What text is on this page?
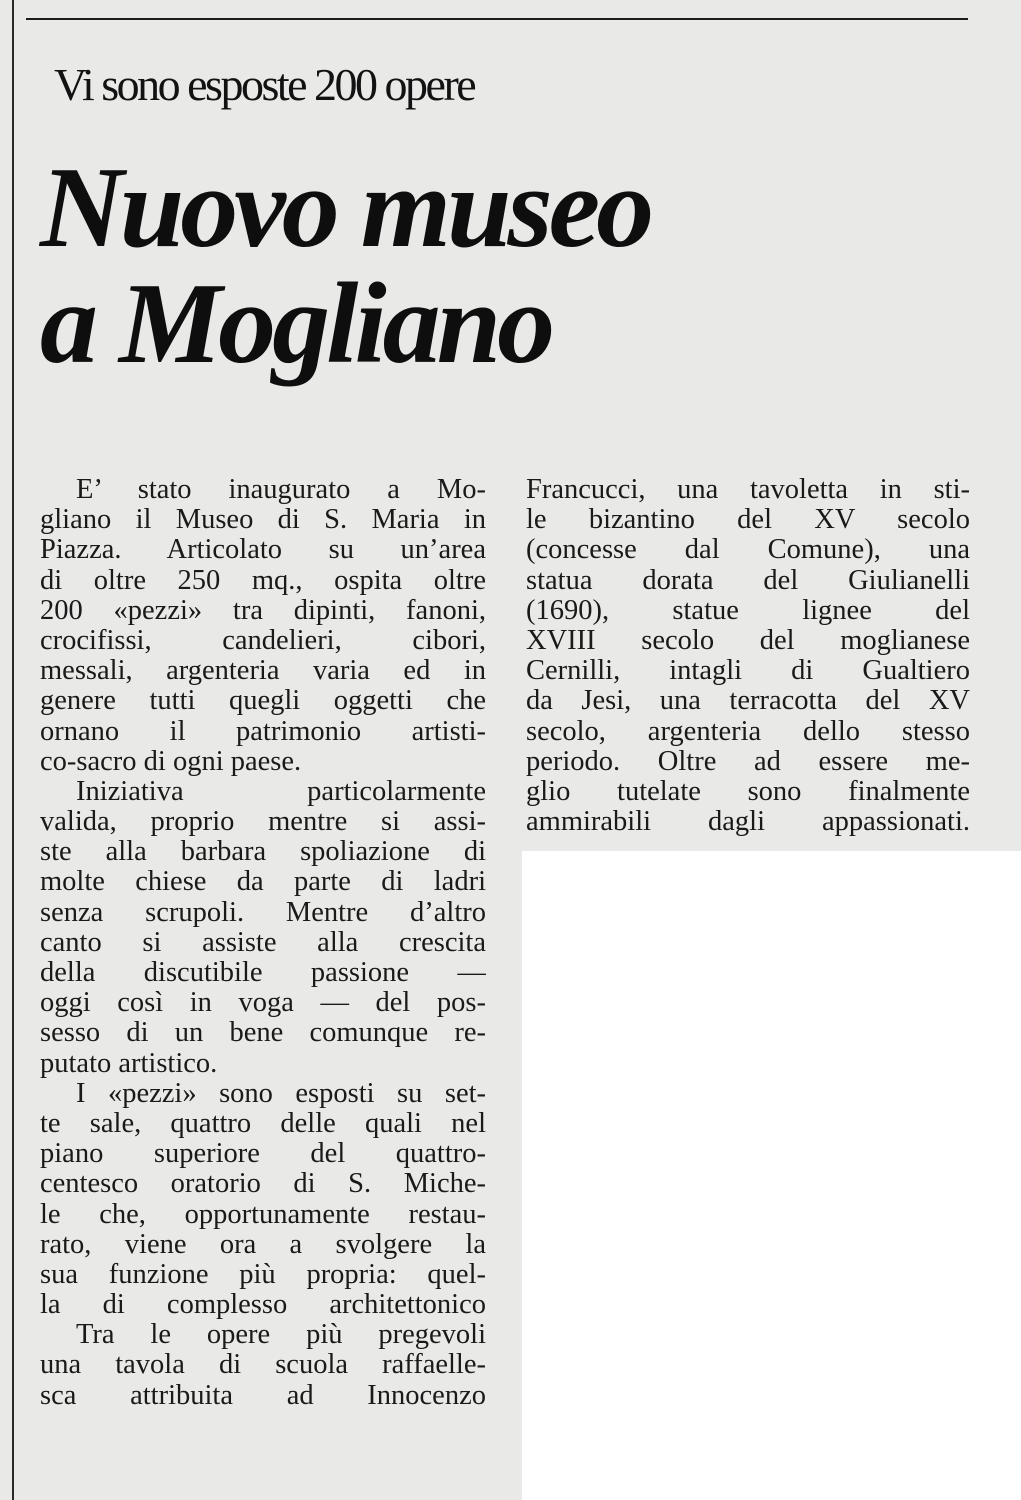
Vi sono esposte 200 opere
Nuovo museo
a Mogliano
E’ stato inaugurato a Mo-
gliano il Museo di S. Maria in
Piazza. Articolato su un’area
di oltre 250 mq., ospita oltre
200 «pezzi» tra dipinti, fanoni,
crocifissi, candelieri, cibori,
messali, argenteria varia ed in
genere tutti quegli oggetti che
ornano il patrimonio artisti-
co-sacro di ogni paese.
Iniziativa particolarmente
valida, proprio mentre si assi-
ste alla barbara spoliazione di
molte chiese da parte di ladri
senza scrupoli. Mentre d’altro
canto si assiste alla crescita
della discutibile passione —
oggi così in voga — del pos-
sesso di un bene comunque re-
putato artistico.
I «pezzi» sono esposti su set-
te sale, quattro delle quali nel
piano superiore del quattro-
centesco oratorio di S. Miche-
le che, opportunamente restau-
rato, viene ora a svolgere la
sua funzione più propria: quel-
la di complesso architettonico
Tra le opere più pregevoli
una tavola di scuola raffaelle-
sca attribuita ad Innocenzo
Francucci, una tavoletta in sti-
le bizantino del XV secolo
(concesse dal Comune), una
statua dorata del Giulianelli
(1690), statue lignee del
XVIII secolo del moglianese
Cernilli, intagli di Gualtiero
da Jesi, una terracotta del XV
secolo, argenteria dello stesso
periodo. Oltre ad essere me-
glio tutelate sono finalmente
ammirabili dagli appassionati.
